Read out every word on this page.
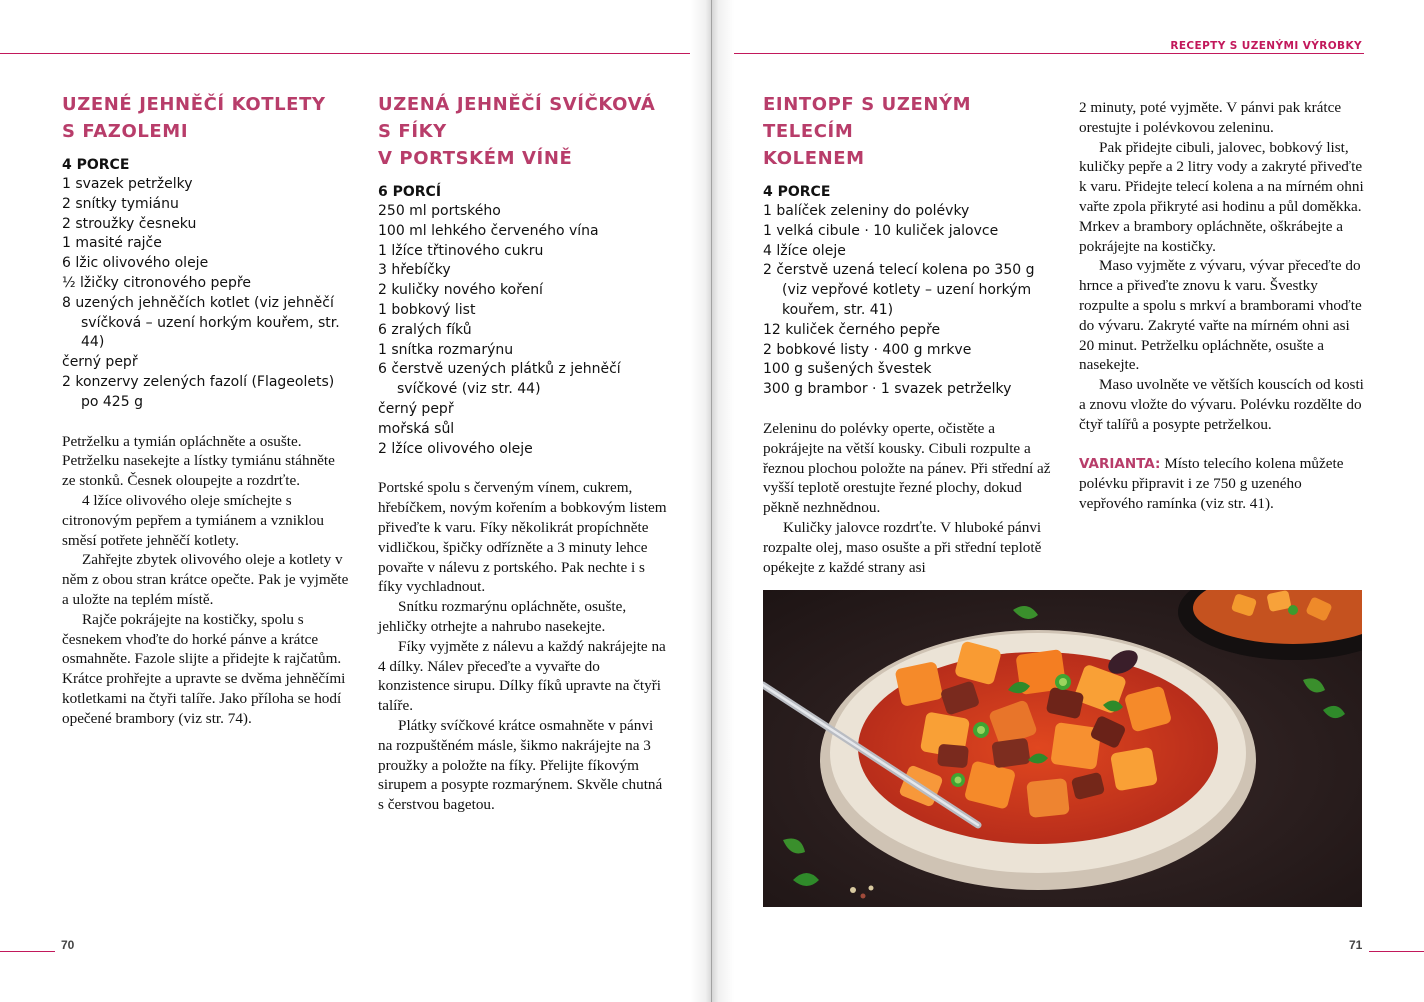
RECEPTY S UZENÝMI VÝROBKY
70	71
UZENÉ JEHNĚČÍ KOTLETY
S FAZOLEMI
4 PORCE
1 svazek petrželky
2 snítky tymiánu
2 stroužky česneku
1 masité rajče
6 lžic olivového oleje
½ lžičky citronového pepře
8 uzených jehněčích kotlet (viz jehněčí svíčková – uzení horkým kouřem, str. 44)
černý pepř
2 konzervy zelených fazolí (Flageolets) po 425 g

Petrželku a tymián opláchněte a osušte. Petrželku nasekejte a lístky tymiánu stáhněte ze stonků. Česnek oloupejte a rozdrťte.

4 lžíce olivového oleje smíchejte s citronovým pepřem a tymiánem a vzniklou směsí potřete jehněčí kotlety.

Zahřejte zbytek olivového oleje a kotlety v něm z obou stran krátce opečte. Pak je vyjměte a uložte na teplém místě.

Rajče pokrájejte na kostičky, spolu s česnekem vhoďte do horké pánve a krátce osmahněte. Fazole slijte a přidejte k rajčatům. Krátce prohřejte a upravte se dvěma jehněčími kotletkami na čtyři talíře. Jako příloha se hodí opečené brambory (viz str. 74).

UZENÁ JEHNĚČÍ SVÍČKOVÁ S FÍKY
V PORTSKÉM VÍNĚ
6 PORCÍ
250 ml portského
100 ml lehkého červeného vína
1 lžíce třtinového cukru
3 hřebíčky
2 kuličky nového koření
1 bobkový list
6 zralých fíků
1 snítka rozmarýnu
6 čerstvě uzených plátků z jehněčí svíčkové (viz str. 44)
černý pepř
mořská sůl
2 lžíce olivového oleje

Portské spolu s červeným vínem, cukrem, hřebíčkem, novým kořením a bobkovým listem přiveďte k varu. Fíky několikrát propíchněte vidličkou, špičky odřízněte a 3 minuty lehce povařte v nálevu z portského. Pak nechte i s fíky vychladnout.

Snítku rozmarýnu opláchněte, osušte, jehličky otrhejte a nahrubo nasekejte.

Fíky vyjměte z nálevu a každý nakrájejte na 4 dílky. Nálev přeceďte a vyvařte do konzistence sirupu. Dílky fíků upravte na čtyři talíře.

Plátky svíčkové krátce osmahněte v pánvi na rozpuštěném másle, šikmo nakrájejte na 3 proužky a položte na fíky. Přelijte fíkovým sirupem a posypte rozmarýnem. Skvěle chutná s čerstvou bagetou.

EINTOPF S UZENÝM TELECÍM
KOLENEM
4 PORCE
1 balíček zeleniny do polévky
1 velká cibule · 10 kuliček jalovce
4 lžíce oleje
2 čerstvě uzená telecí kolena po 350 g (viz vepřové kotlety – uzení horkým kouřem, str. 41)
12 kuliček černého pepře
2 bobkové listy · 400 g mrkve
100 g sušených švestek
300 g brambor · 1 svazek petrželky

Zeleninu do polévky operte, očistěte a pokrájejte na větší kousky. Cibuli rozpulte a řeznou plochou položte na pánev. Při střední až vyšší teplotě orestujte řezné plochy, dokud pěkně nezhnědnou.

Kuličky jalovce rozdrťte. V hluboké pánvi rozpalte olej, maso osušte a při střední teplotě opékejte z každé strany asi

2 minuty, poté vyjměte. V pánvi pak krátce orestujte i polévkovou zeleninu.

Pak přidejte cibuli, jalovec, bobkový list, kuličky pepře a 2 litry vody a zakryté přiveďte k varu. Přidejte telecí kolena a na mírném ohni vařte zpola přikryté asi hodinu a půl doměkka. Mrkev a brambory opláchněte, oškrábejte a pokrájejte na kostičky.

Maso vyjměte z vývaru, vývar přeceďte do hrnce a přiveďte znovu k varu. Švestky rozpulte a spolu s mrkví a bramborami vhoďte do vývaru. Zakryté vařte na mírném ohni asi 20 minut. Petrželku opláchněte, osušte a nasekejte.

Maso uvolněte ve větších kouscích od kosti a znovu vložte do vývaru. Polévku rozdělte do čtyř talířů a posypte petrželkou.

VARIANTA: Místo telecího kolena můžete polévku připravit i ze 750 g uzeného vepřového ramínka (viz str. 41).
